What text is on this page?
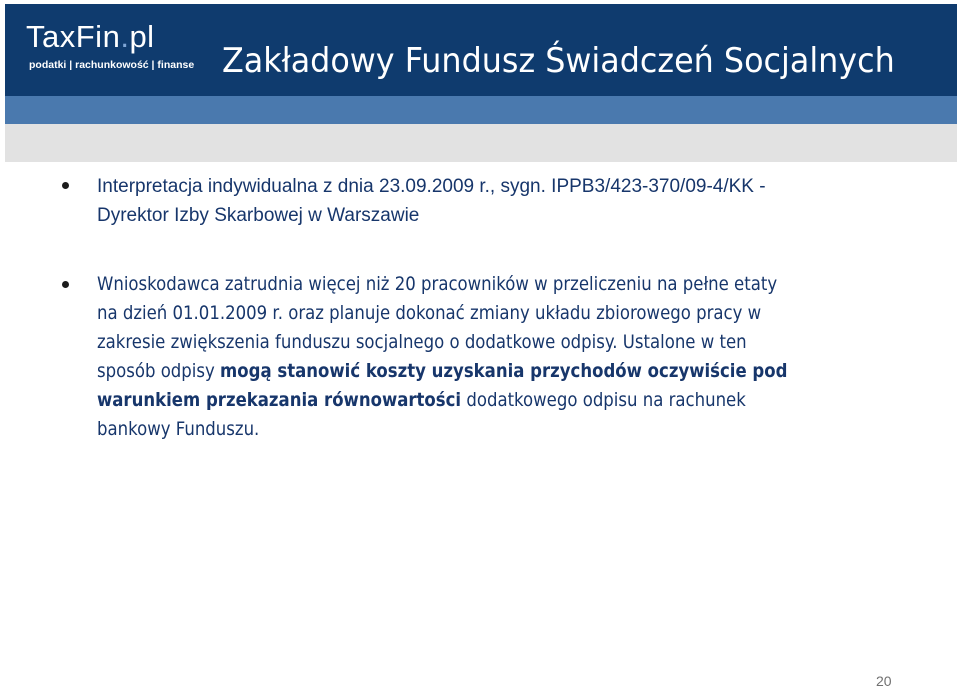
TaxFin.pl
podatki | rachunkowość | finanse Zakładowy Fundusz Świadczeń Socjalnych
Interpretacja indywidualna z dnia 23.09.2009 r., sygn. IPPB3/423-370/09-4/KK -
Dyrektor Izby Skarbowej w Warszawie
Wnioskodawca zatrudnia więcej niż 20 pracowników w przeliczeniu na pełne etaty
na dzień 01.01.2009 r. oraz planuje dokonać zmiany układu zbiorowego pracy w
zakresie zwiększenia funduszu socjalnego o dodatkowe odpisy. Ustalone w ten
sposób odpisy mogą stanowić koszty uzyskania przychodów oczywiście pod
warunkiem przekazania równowartości dodatkowego odpisu na rachunek
bankowy Funduszu.
20
